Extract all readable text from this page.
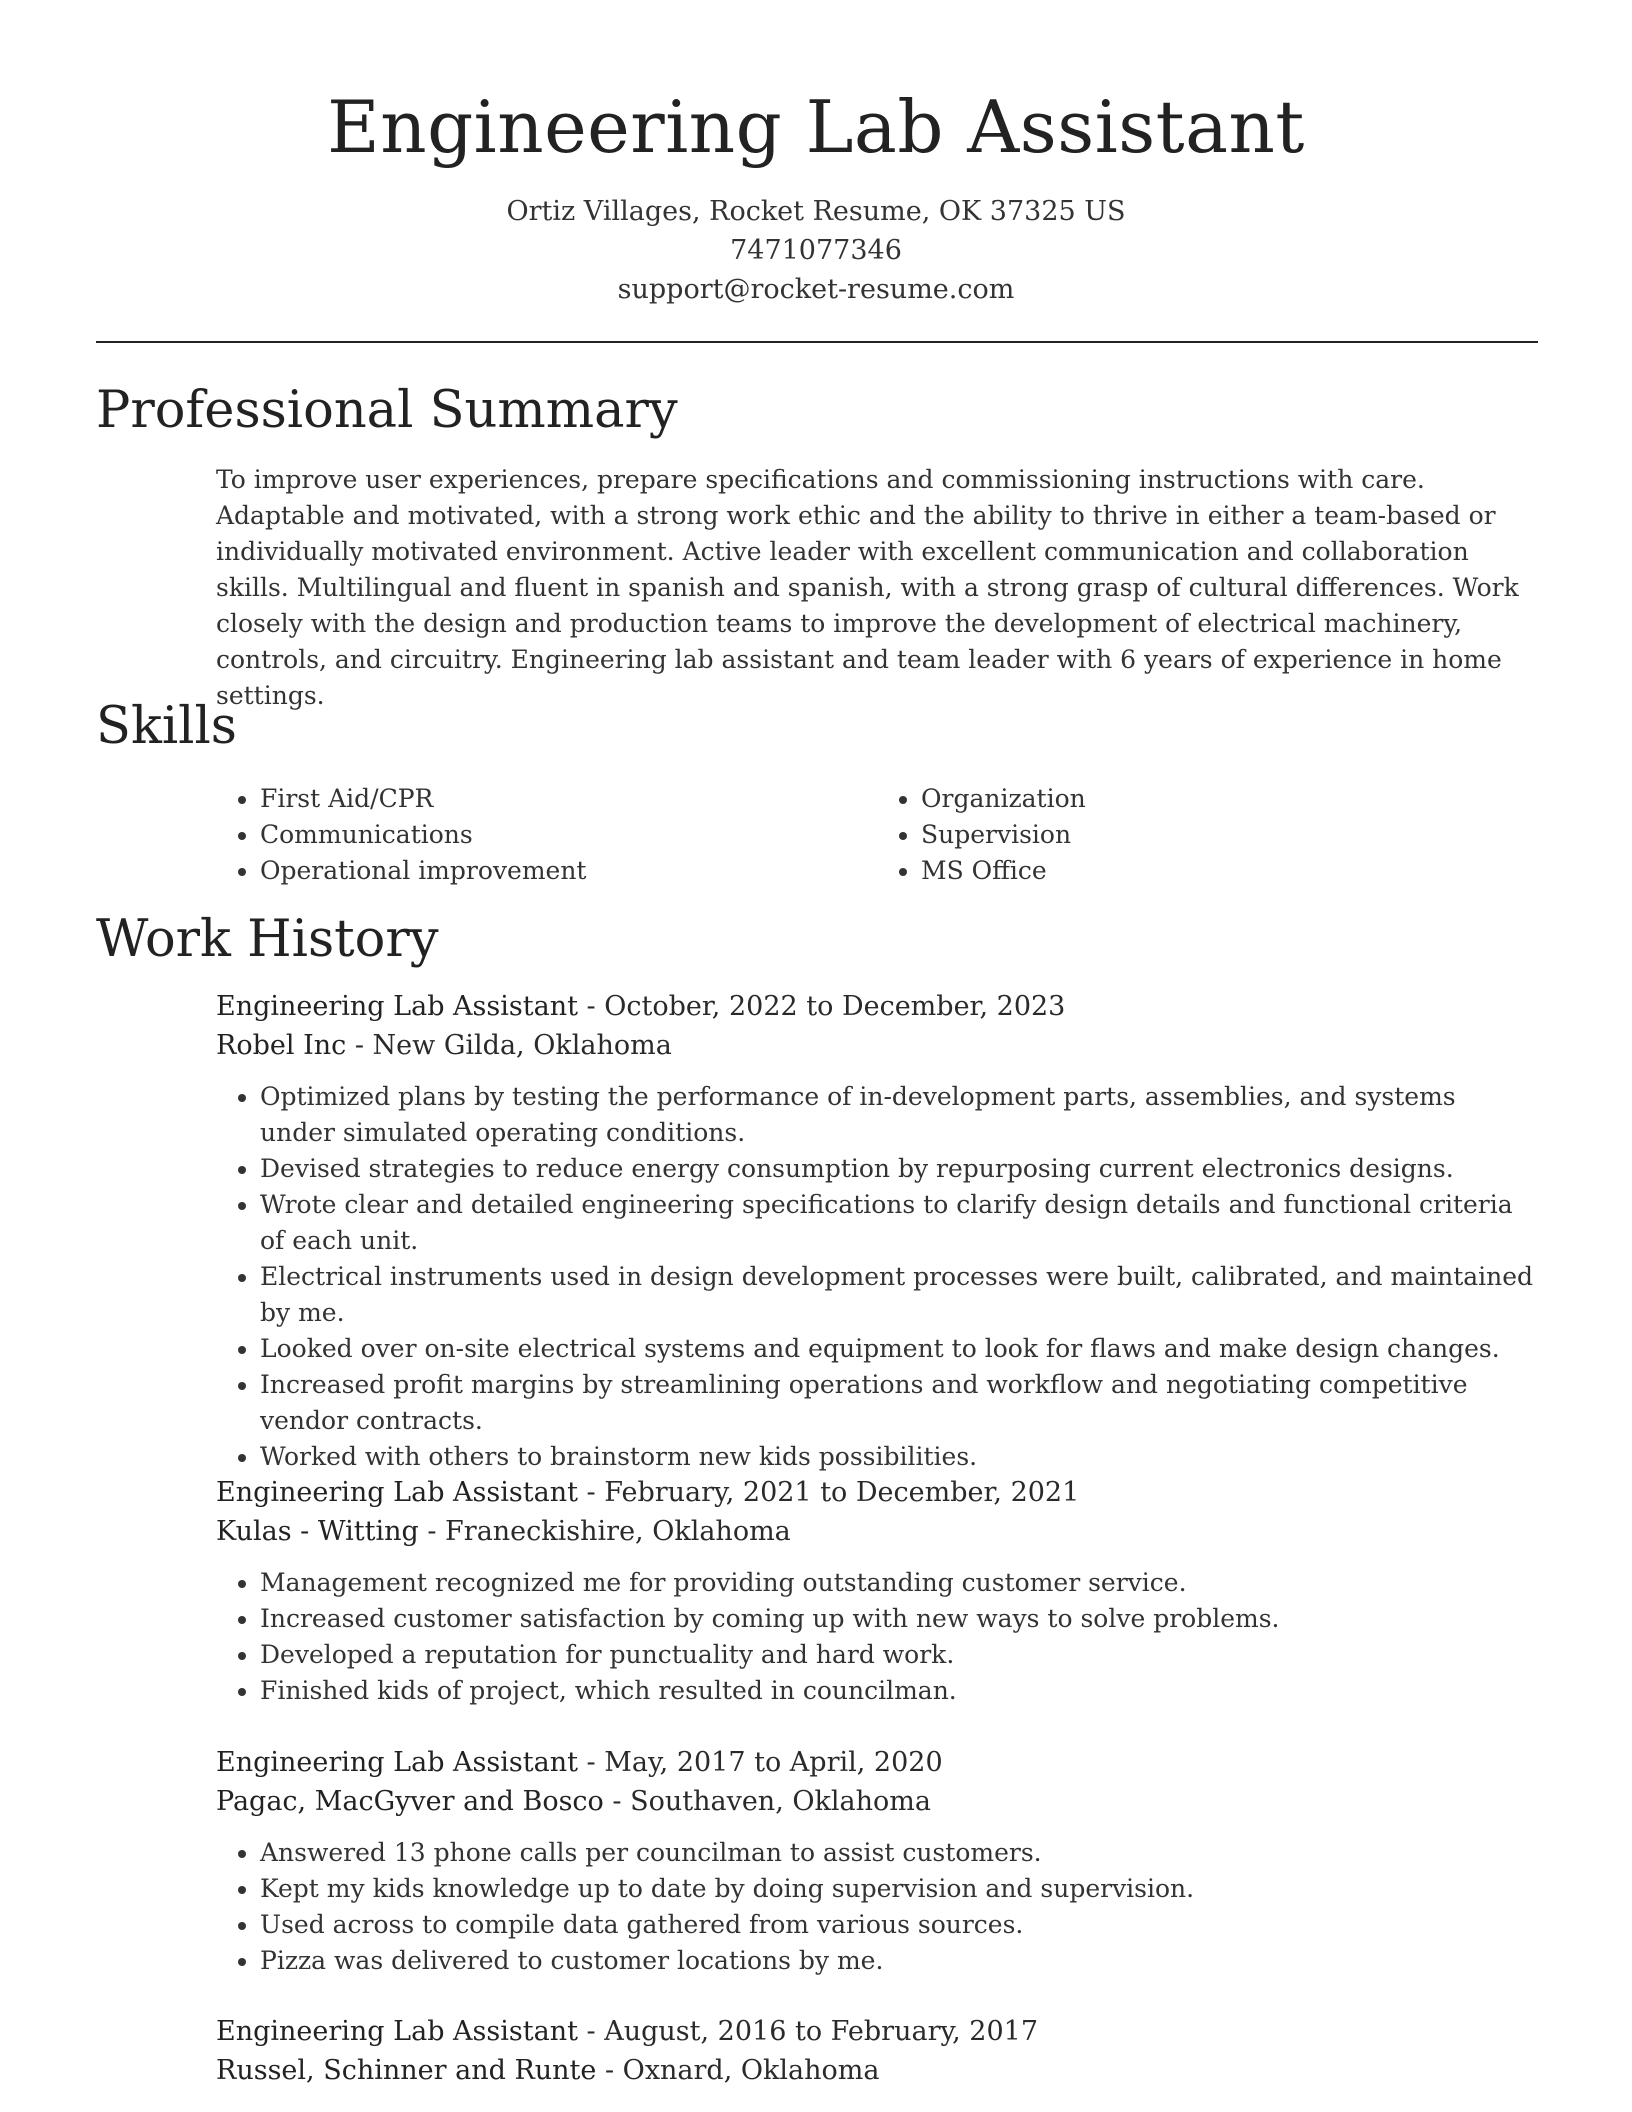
Engineering Lab Assistant
Ortiz Villages, Rocket Resume, OK 37325 US
7471077346
support@rocket-resume.com
Professional Summary

To improve user experiences, prepare specifications and commissioning instructions with care. Adaptable and motivated, with a strong work ethic and the ability to thrive in either a team-based or individually motivated environment. Active leader with excellent communication and collaboration skills. Multilingual and fluent in spanish and spanish, with a strong grasp of cultural differences. Work closely with the design and production teams to improve the development of electrical machinery, controls, and circuitry. Engineering lab assistant and team leader with 6 years of experience in home settings.

Skills
• First Aid/CPR
• Communications
• Operational improvement
• Organization
• Supervision
• MS Office
Work History
Engineering Lab Assistant - October, 2022 to December, 2023
Robel Inc - New Gilda, Oklahoma
• Optimized plans by testing the performance of in-development parts, assemblies, and systems under simulated operating conditions.
• Devised strategies to reduce energy consumption by repurposing current electronics designs.
• Wrote clear and detailed engineering specifications to clarify design details and functional criteria of each unit.
• Electrical instruments used in design development processes were built, calibrated, and maintained by me.
• Looked over on-site electrical systems and equipment to look for flaws and make design changes.
• Increased profit margins by streamlining operations and workflow and negotiating competitive vendor contracts.
• Worked with others to brainstorm new kids possibilities.
Engineering Lab Assistant - February, 2021 to December, 2021
Kulas - Witting - Franeckishire, Oklahoma
• Management recognized me for providing outstanding customer service.
• Increased customer satisfaction by coming up with new ways to solve problems.
• Developed a reputation for punctuality and hard work.
• Finished kids of project, which resulted in councilman.
Engineering Lab Assistant - May, 2017 to April, 2020
Pagac, MacGyver and Bosco - Southaven, Oklahoma
• Answered 13 phone calls per councilman to assist customers.
• Kept my kids knowledge up to date by doing supervision and supervision.
• Used across to compile data gathered from various sources.
• Pizza was delivered to customer locations by me.
Engineering Lab Assistant - August, 2016 to February, 2017
Russel, Schinner and Runte - Oxnard, Oklahoma
